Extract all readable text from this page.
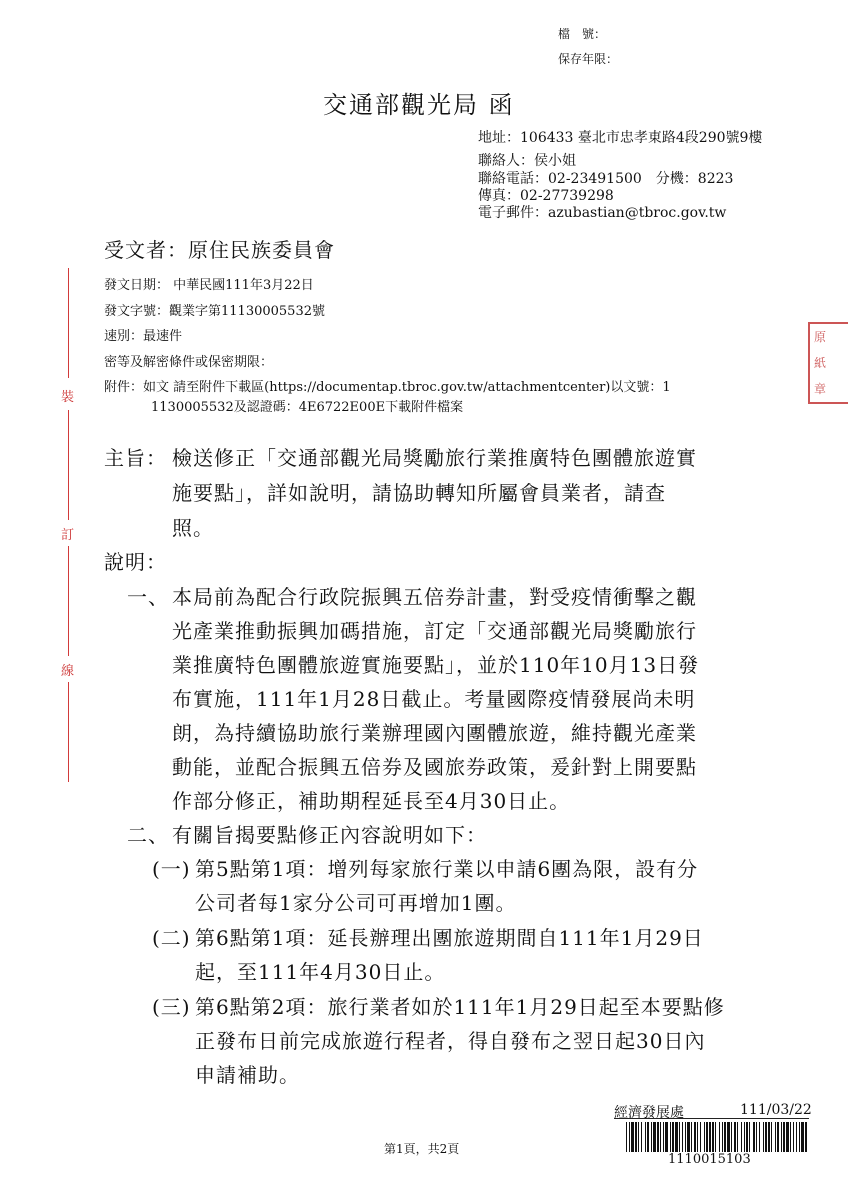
檔　號：
保存年限：
交通部觀光局 函
地址：106433 臺北市忠孝東路4段290號9樓
聯絡人：侯小姐
聯絡電話：02-23491500　分機：8223
傳真：02-27739298
電子郵件：azubastian@tbroc.gov.tw
受文者：原住民族委員會
發文日期： 中華民國111年3月22日
發文字號：觀業字第11130005532號
速別：最速件
密等及解密條件或保密期限：
附件：如文 請至附件下載區(https://documentap.tbroc.gov.tw/attachmentcenter)以文號：1
1130005532及認證碼：4E6722E00E下載附件檔案
裝
訂
線
原
紙
章
主旨： 檢送修正「交通部觀光局獎勵旅行業推廣特色團體旅遊實
施要點」，詳如說明，請協助轉知所屬會員業者，請查
照。
說明：
一、 本局前為配合行政院振興五倍券計畫，對受疫情衝擊之觀
光產業推動振興加碼措施，訂定「交通部觀光局獎勵旅行
業推廣特色團體旅遊實施要點」，並於110年10月13日發
布實施，111年1月28日截止。考量國際疫情發展尚未明
朗，為持續協助旅行業辦理國內團體旅遊，維持觀光產業
動能，並配合振興五倍券及國旅券政策，爰針對上開要點
作部分修正，補助期程延長至4月30日止。
二、 有關旨揭要點修正內容說明如下：
(一) 第5點第1項：增列每家旅行業以申請6團為限，設有分
公司者每1家分公司可再增加1團。
(二) 第6點第1項：延長辦理出團旅遊期間自111年1月29日
起，至111年4月30日止。
(三) 第6點第2項：旅行業者如於111年1月29日起至本要點修
正發布日前完成旅遊行程者，得自發布之翌日起30日內
申請補助。
經濟發展處	111/03/22
1110015103
第1頁，共2頁
